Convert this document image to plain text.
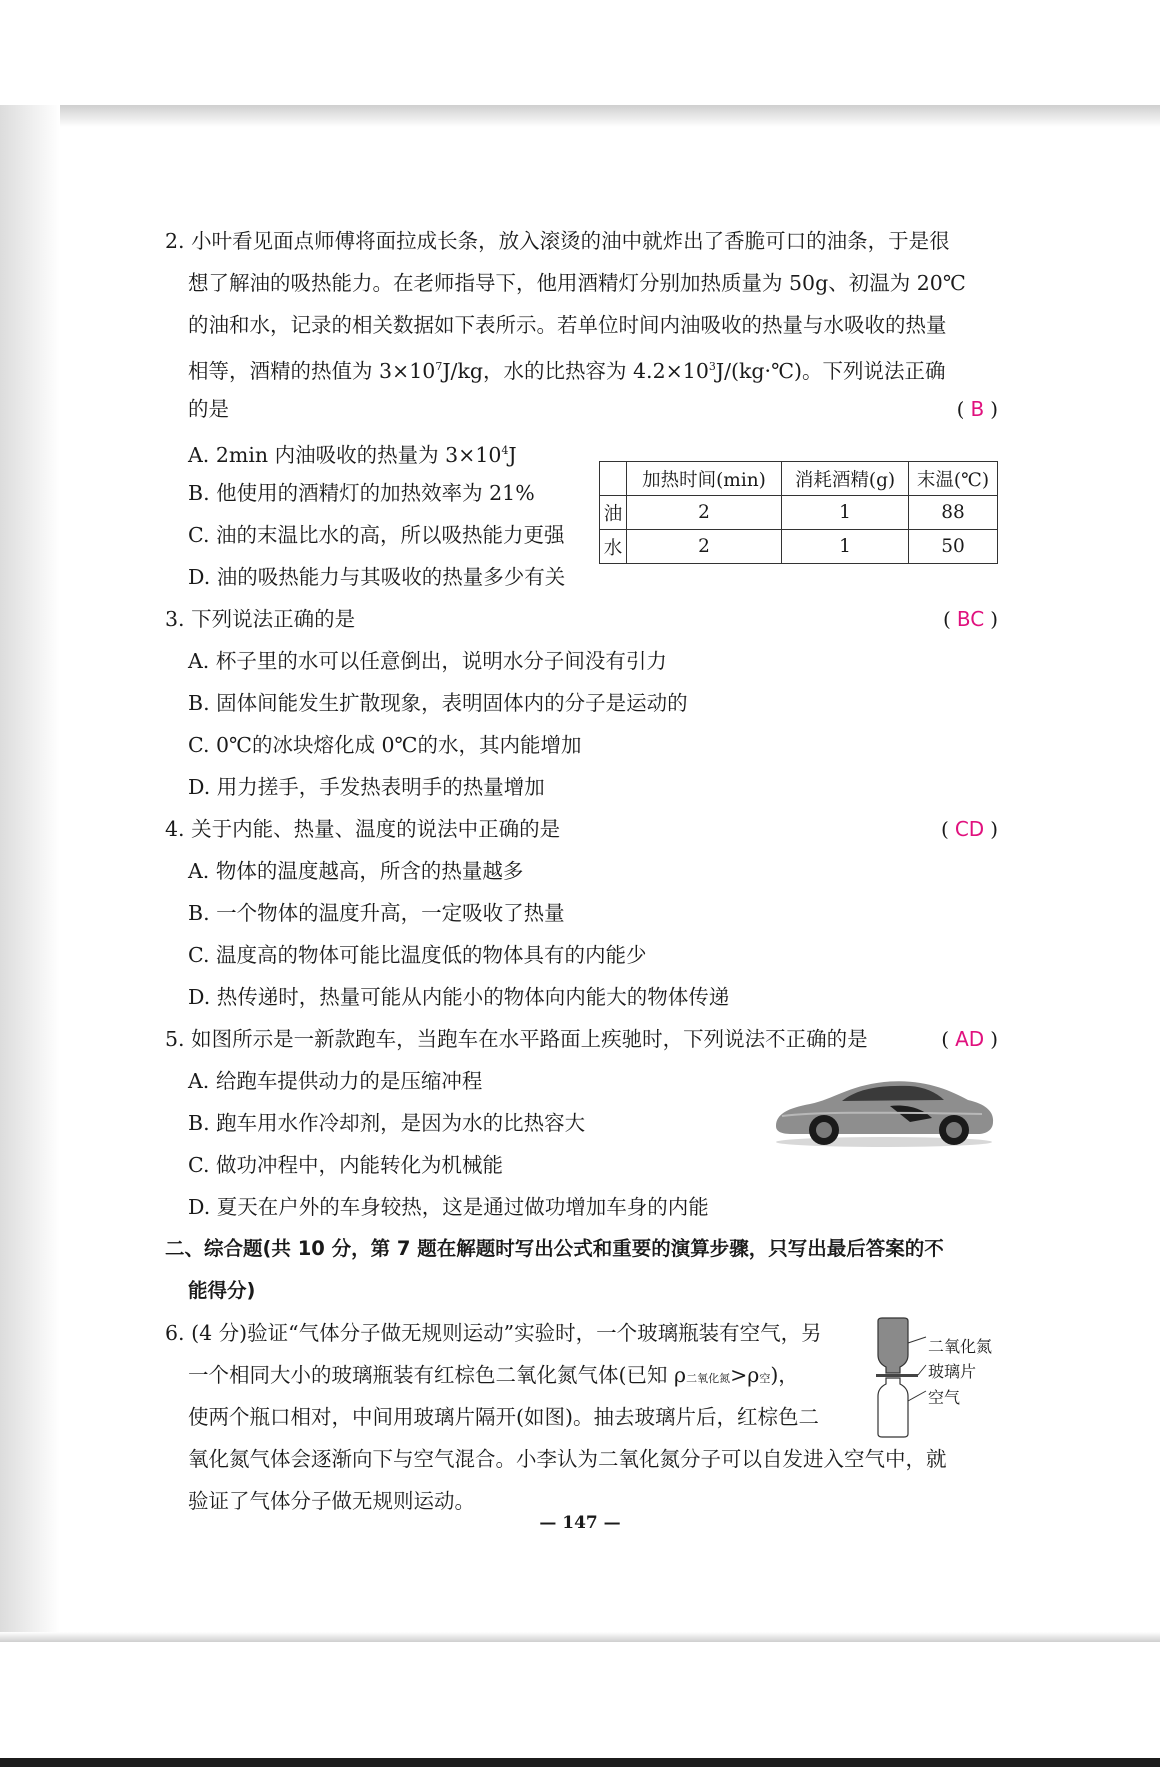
2. 小叶看见面点师傅将面拉成长条，放入滚烫的油中就炸出了香脆可口的油条，于是很
想了解油的吸热能力。在老师指导下，他用酒精灯分别加热质量为 50g、初温为 20℃
的油和水，记录的相关数据如下表所示。若单位时间内油吸收的热量与水吸收的热量
相等，酒精的热值为 $3\times 10^7J/kg$，水的比热容为 $4.2\times 10^3J/(kg\cdot℃)$。下列说法正确
的是	( B )
A. 2min 内油吸收的热量为 $3\times 10^4J$
B. 他使用的酒精灯的加热效率为 21%
C. 油的末温比水的高，所以吸热能力更强
D. 油的吸热能力与其吸收的热量多少有关
	加热时间(min)	消耗酒精(g)	末温(℃)
油	2	1	88
水	2	1	50
3. 下列说法正确的是	( BC )
A. 杯子里的水可以任意倒出，说明水分子间没有引力
B. 固体间能发生扩散现象，表明固体内的分子是运动的
C. 0℃的冰块熔化成 0℃的水，其内能增加
D. 用力搓手，手发热表明手的热量增加
4. 关于内能、热量、温度的说法中正确的是	( CD )
A. 物体的温度越高，所含的热量越多
B. 一个物体的温度升高，一定吸收了热量
C. 温度高的物体可能比温度低的物体具有的内能少
D. 热传递时，热量可能从内能小的物体向内能大的物体传递
5. 如图所示是一新款跑车，当跑车在水平路面上疾驰时，下列说法不正确的是	( AD )
A. 给跑车提供动力的是压缩冲程
B. 跑车用水作冷却剂，是因为水的比热容大
C. 做功冲程中，内能转化为机械能
D. 夏天在户外的车身较热，这是通过做功增加车身的内能
二、综合题(共 10 分，第 7 题在解题时写出公式和重要的演算步骤，只写出最后答案的不
能得分)
6. (4 分)验证“气体分子做无规则运动”实验时，一个玻璃瓶装有空气，另
一个相同大小的玻璃瓶装有红棕色二氧化氮气体(已知 ρ二氧化氮>ρ空)，
使两个瓶口相对，中间用玻璃片隔开(如图)。抽去玻璃片后，红棕色二
氧化氮气体会逐渐向下与空气混合。小李认为二氧化氮分子可以自发进入空气中，就
验证了气体分子做无规则运动。
二氧化氮
玻璃片
空气
— 147 —
